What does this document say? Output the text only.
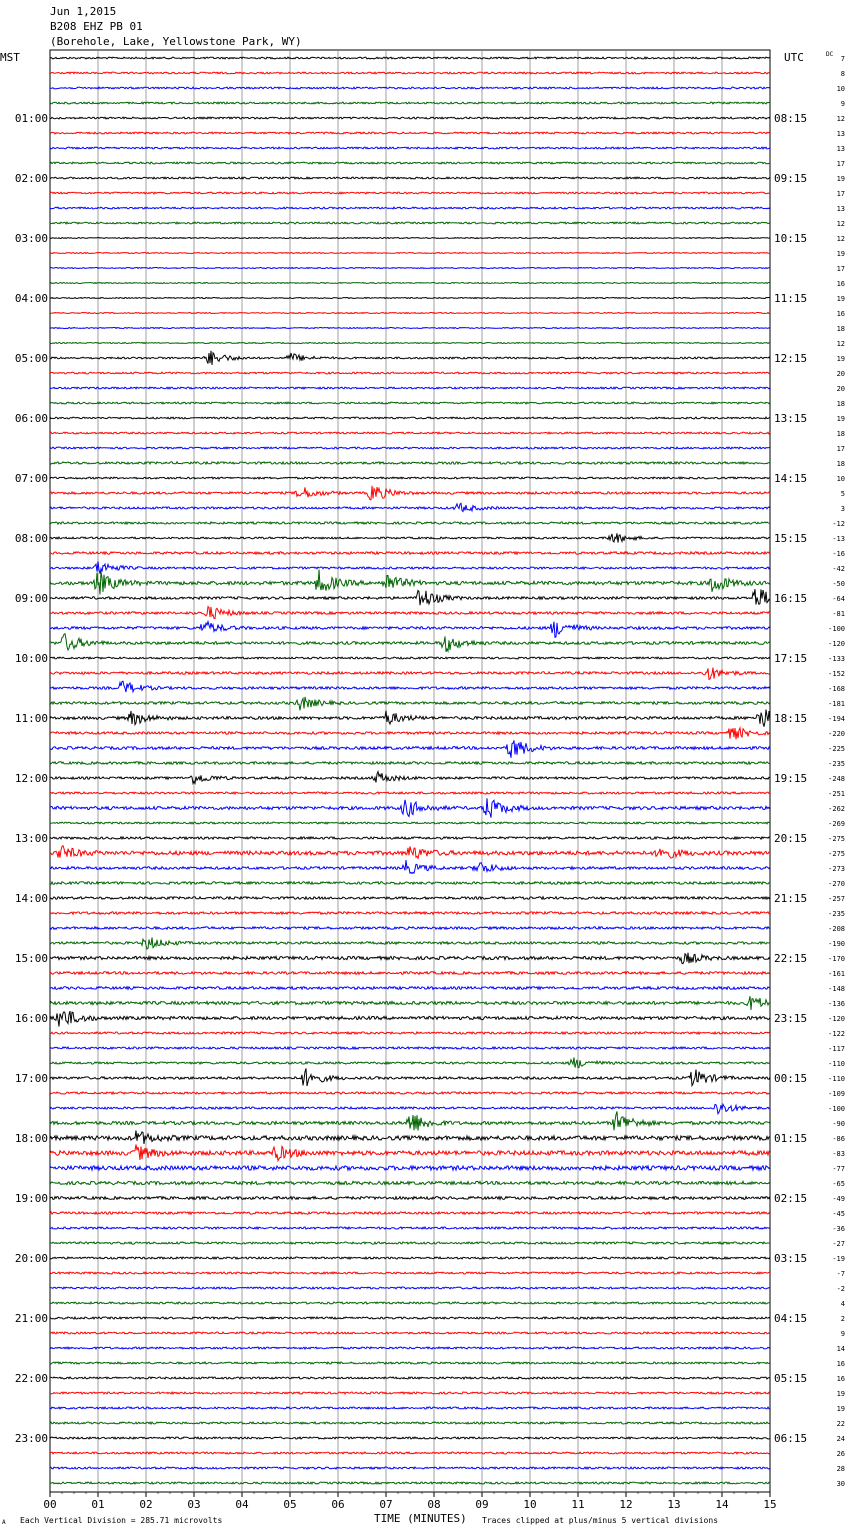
00	01	02	03	04	05	06	07	08	09	10	11	12	13	14	15
MST	UTC	DC
01:00
02:00
03:00
04:00
05:00
06:00
07:00
08:00
09:00
10:00
11:00
12:00
13:00
14:00
15:00
16:00
17:00
18:00
19:00
20:00
21:00
22:00
23:00
08:15
09:15
10:15
11:15
12:15
13:15
14:15
15:15
16:15
17:15
18:15
19:15
20:15
21:15
22:15
23:15
00:15
01:15
02:15
03:15
04:15
05:15
06:15
7
8
10
9
12
13
13
17
19
17
13
12
12
19
17
16
19
16
18
12
19
20
20
18
19
18
17
18
10
5
3
-12
-13
-16
-42
-50
-64
-81
-100
-120
-133
-152
-168
-181
-194
-220
-225
-235
-248
-251
-262
-269
-275
-275
-273
-270
-257
-235
-208
-190
-170
-161
-148
-136
-120
-122
-117
-110
-110
-109
-100
-90
-86
-83
-77
-65
-49
-45
-36
-27
-19
-7
-2
4
2
9
14
16
16
19
19
22
24
26
28
30
Jun 1,2015
B208 EHZ PB 01
(Borehole, Lake, Yellowstone Park, WY)
TIME (MINUTES)
Each Vertical Division = 285.71 microvolts	Traces clipped at plus/minus 5 vertical divisions
A
